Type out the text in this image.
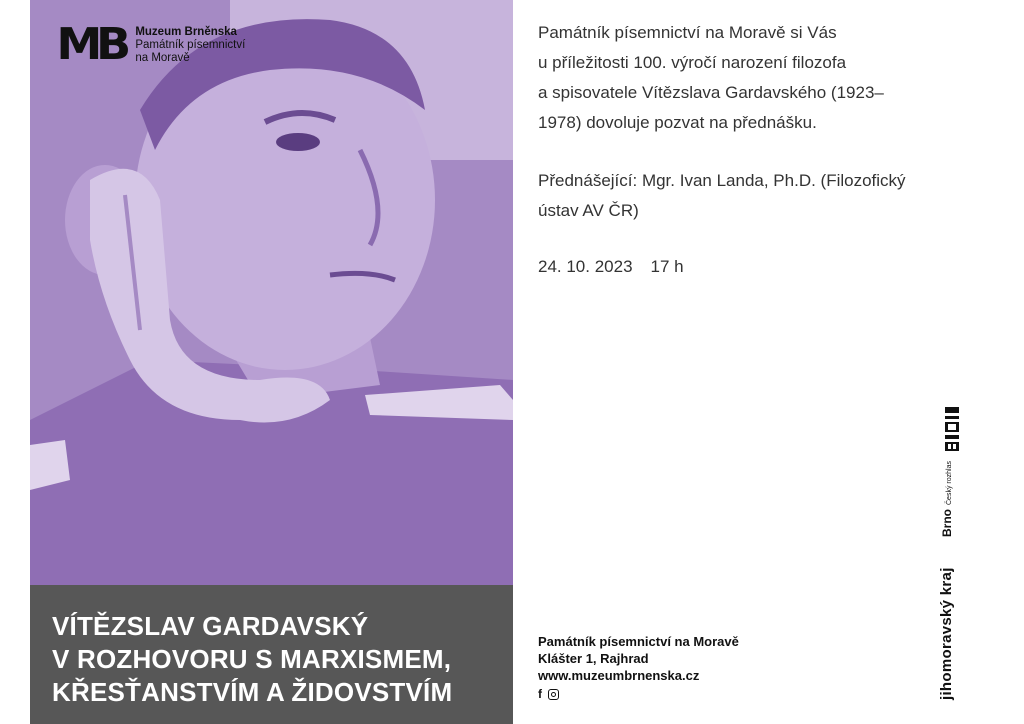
MB Muzeum Brněnska
Památník písemnictví
na Moravě
VÍTĚZSLAV GARDAVSKÝ
V ROZHOVORU S MARXISMEM,
KŘESŤANSTVÍM A ŽIDOVSTVÍM
Památník písemnictví na Moravě si Vás
u příležitosti 100. výročí narození filozofa
a spisovatele Vítězslava Gardavského (1923–
1978) dovoluje pozvat na přednášku.
Přednášející: Mgr. Ivan Landa, Ph.D. (Filozofický
ústav AV ČR)
24. 10. 2023 17 h
Památník písemnictví na Moravě
Klášter 1, Rajhrad
www.muzeumbrnenska.cz
f
BrnoČeský rozhlas
jihomoravský kraj
